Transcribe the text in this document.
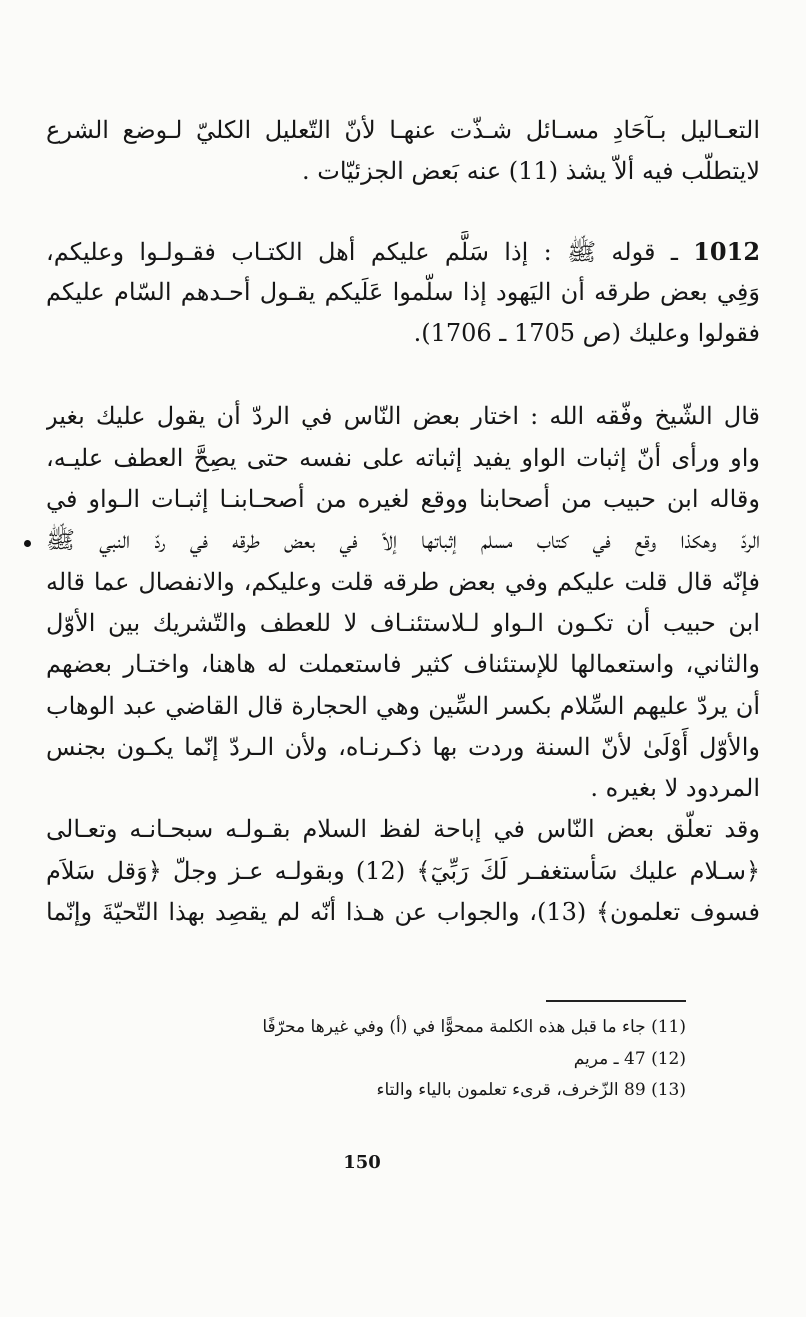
التعـاليل بـآحَادِ مسـائل شـذّت عنهـا لأنّ التّعليل الكليّ لـوضع الشرع
لايتطلّب فيه ألاّ يشذ (11) عنه بَعض الجزئيّات .
1012 ـ قوله ﷺ : إذا سَلَّم عليكم أهل الكتـاب فقـولـوا وعليكم،
وَفِي بعض طرقه أن اليَهود إذا سلّموا عَلَيكم يقـول أحـدهم السّام عليكم
فقولوا وعليك (ص 1705 ـ 1706).
قال الشّيخ وفّقه الله : اختار بعض النّاس في الردّ أن يقول عليك بغير
واو ورأى أنّ إثبات الواو يفيد إثباته على نفسه حتى يصِحَّ العطف عليـه،
وقاله ابن حبيب من أصحابنا ووقع لغيره من أصحـابنـا إثبـات الـواو في
الردّ وهكذا وقع في كتاب مسلم إثباتها إلاّ في بعض طرقه في ردّ النبي ﷺ
فإنّه قال قلت عليكم وفي بعض طرقه قلت وعليكم، والانفصال عما قاله
ابن حبيب أن تكـون الـواو لـلاستئنـاف لا للعطف والتّشريك بين الأوّل
والثاني، واستعمالها للإستئناف كثير فاستعملت له هاهنا، واختـار بعضهم
أن يردّ عليهم السِّلام بكسر السِّين وهي الحجارة قال القاضي عبد الوهاب
والأوّل أَوْلَىٰ لأنّ السنة وردت بها ذكـرنـاه، ولأن الـردّ إنّما يكـون بجنس
المردود لا بغيره .
وقد تعلّق بعض النّاس في إباحة لفظ السلام بقـولـه سبحـانـه وتعـالى
﴿سـلام عليك سَأستغفـر لَكَ رَبِّيٓ﴾ (12) وبقولـه عـز وجلّ ﴿وَقل سَلاَم
فسوف تعلمون﴾ (13)، والجواب عن هـذا أنّه لم يقصِد بهذا التّحيّةَ وإنّما
(11) جاء ما قبل هذه الكلمة ممحوًّا في (أ) وفي غيرها محرّفًا
(12) 47 ـ مريم
(13) 89 الزّخرف، قرىء تعلمون بالياء والتاء
150
